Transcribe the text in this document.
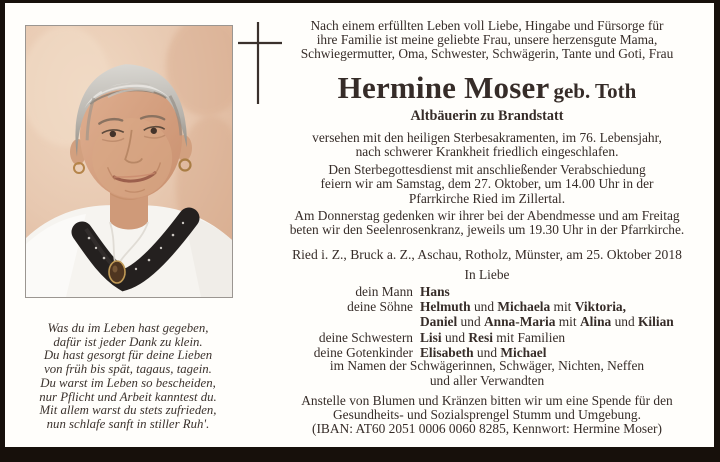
Was du im Leben hast gegeben,
dafür ist jeder Dank zu klein.
Du hast gesorgt für deine Lieben
von früh bis spät, tagaus, tagein.
Du warst im Leben so bescheiden,
nur Pflicht und Arbeit kanntest du.
Mit allem warst du stets zufrieden,
nun schlafe sanft in stiller Ruh'.
Nach einem erfüllten Leben voll Liebe, Hingabe und Fürsorge für
ihre Familie ist meine geliebte Frau, unsere herzensgute Mama,
Schwiegermutter, Oma, Schwester, Schwägerin, Tante und Goti, Frau
Hermine Moser geb. Toth
Altbäuerin zu Brandstatt
versehen mit den heiligen Sterbesakramenten, im 76. Lebensjahr,
nach schwerer Krankheit friedlich eingeschlafen.
Den Sterbegottesdienst mit anschließender Verabschiedung
feiern wir am Samstag, dem 27. Oktober, um 14.00 Uhr in der
Pfarrkirche Ried im Zillertal.
Am Donnerstag gedenken wir ihrer bei der Abendmesse und am Freitag
beten wir den Seelenrosenkranz, jeweils um 19.30 Uhr in der Pfarrkirche.
Ried i. Z., Bruck a. Z., Aschau, Rotholz, Münster, am 25. Oktober 2018
In Liebe
dein Mann Hans
deine Söhne Helmuth und Michaela mit Viktoria,
Daniel und Anna-Maria mit Alina und Kilian
deine Schwestern Lisi und Resi mit Familien
deine Gotenkinder Elisabeth und Michael
im Namen der Schwägerinnen, Schwäger, Nichten, Neffen
und aller Verwandten
Anstelle von Blumen und Kränzen bitten wir um eine Spende für den
Gesundheits- und Sozialsprengel Stumm und Umgebung.
(IBAN: AT60 2051 0006 0060 8285, Kennwort: Hermine Moser)
